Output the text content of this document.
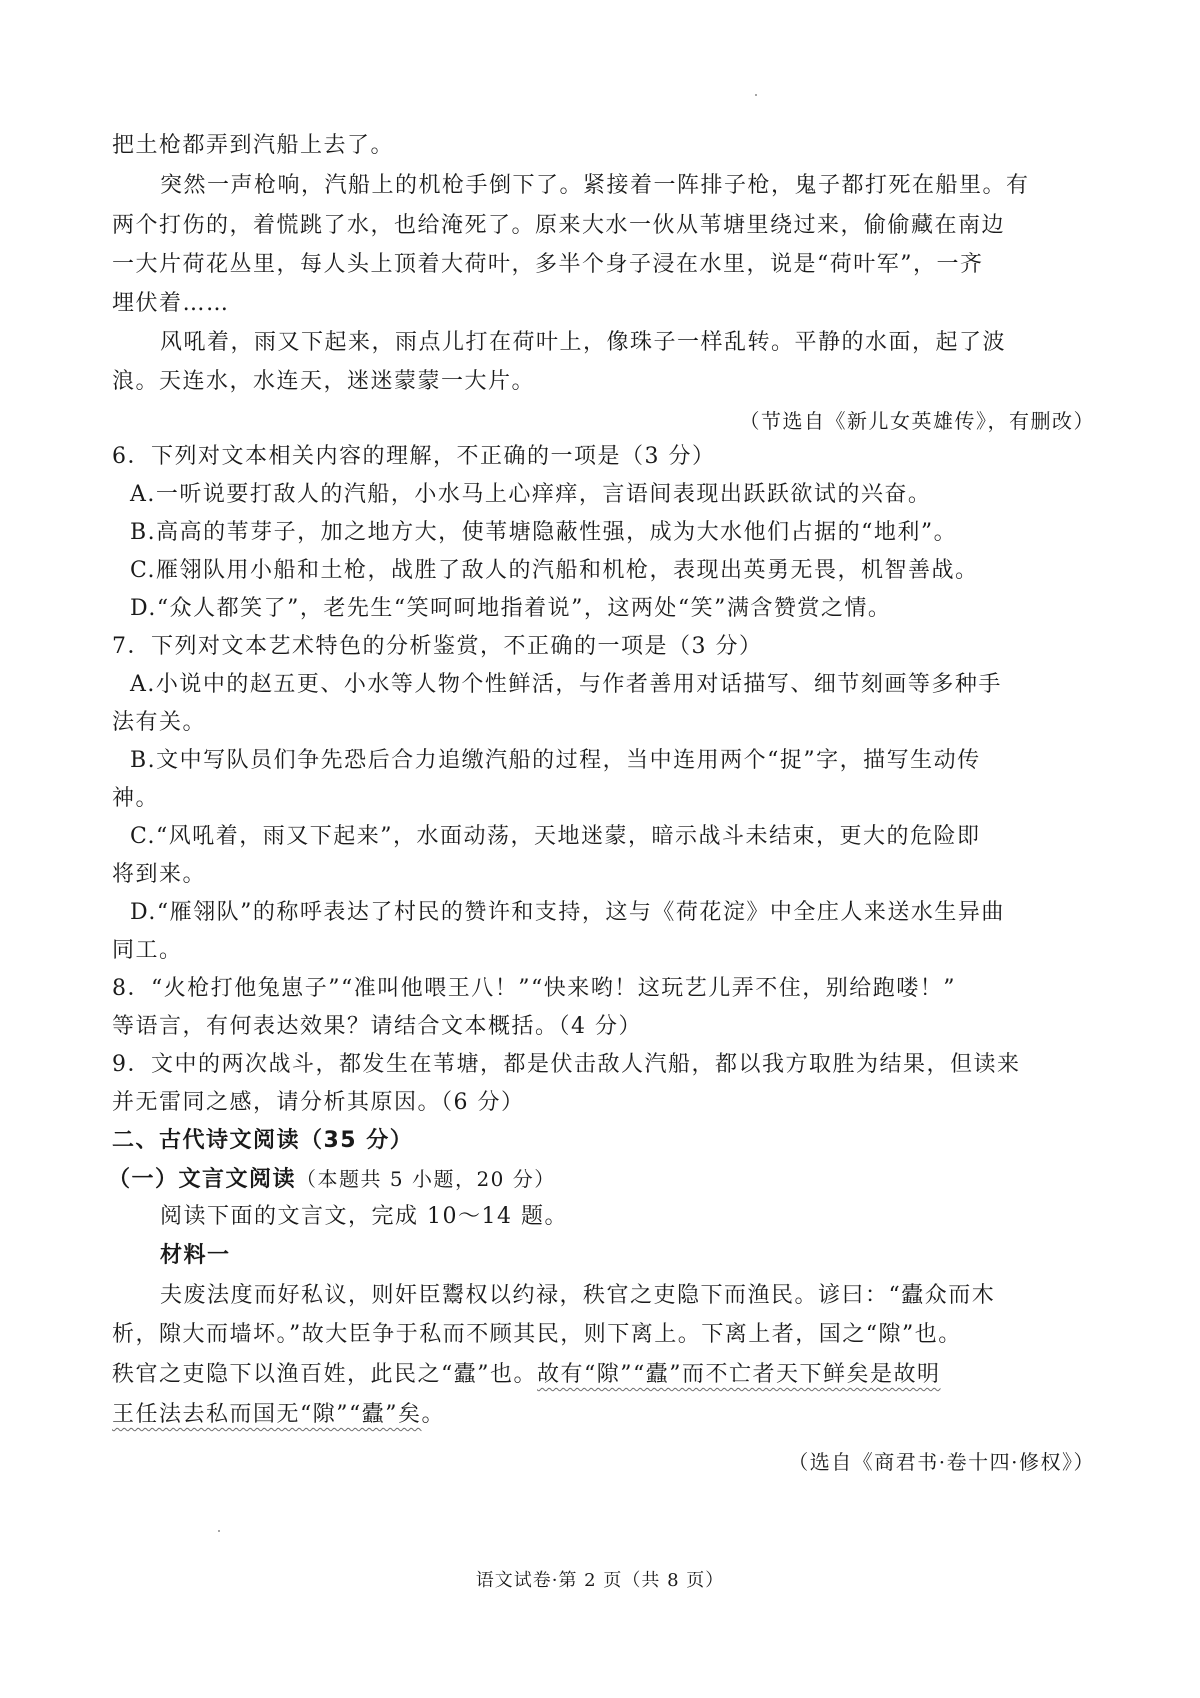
把土枪都弄到汽船上去了。
突然一声枪响，汽船上的机枪手倒下了。紧接着一阵排子枪，鬼子都打死在船里。有
两个打伤的，着慌跳了水，也给淹死了。原来大水一伙从苇塘里绕过来，偷偷藏在南边
一大片荷花丛里，每人头上顶着大荷叶，多半个身子浸在水里，说是“荷叶军”，一齐
埋伏着……
风吼着，雨又下起来，雨点儿打在荷叶上，像珠子一样乱转。平静的水面，起了波
浪。天连水，水连天，迷迷蒙蒙一大片。
（节选自《新儿女英雄传》，有删改）
6．下列对文本相关内容的理解，不正确的一项是（3 分）
A.一听说要打敌人的汽船，小水马上心痒痒，言语间表现出跃跃欲试的兴奋。
B.高高的苇芽子，加之地方大，使苇塘隐蔽性强，成为大水他们占据的“地利”。
C.雁翎队用小船和土枪，战胜了敌人的汽船和机枪，表现出英勇无畏，机智善战。
D.“众人都笑了”，老先生“笑呵呵地指着说”，这两处“笑”满含赞赏之情。
7．下列对文本艺术特色的分析鉴赏，不正确的一项是（3 分）
A.小说中的赵五更、小水等人物个性鲜活，与作者善用对话描写、细节刻画等多种手
法有关。
B.文中写队员们争先恐后合力追缴汽船的过程，当中连用两个“捉”字，描写生动传
神。
C.“风吼着，雨又下起来”，水面动荡，天地迷蒙，暗示战斗未结束，更大的危险即
将到来。
D.“雁翎队”的称呼表达了村民的赞许和支持，这与《荷花淀》中全庄人来送水生异曲
同工。
8．“火枪打他兔崽子”“准叫他喂王八！”“快来哟！这玩艺儿弄不住，别给跑喽！”
等语言，有何表达效果？请结合文本概括。（4 分）
9．文中的两次战斗，都发生在苇塘，都是伏击敌人汽船，都以我方取胜为结果，但读来
并无雷同之感，请分析其原因。（6 分）
二、古代诗文阅读（35 分）
（一）文言文阅读（本题共 5 小题，20 分）
阅读下面的文言文，完成 10～14 题。
材料一
夫废法度而好私议，则奸臣鬻权以约禄，秩官之吏隐下而渔民。谚曰：“蠹众而木
析，隙大而墙坏。”故大臣争于私而不顾其民，则下离上。下离上者，国之“隙”也。
秩官之吏隐下以渔百姓，此民之“蠹”也。故有“隙”“蠹”而不亡者天下鲜矣是故明
王任法去私而国无“隙”“蠹”矣。
（选自《商君书·卷十四·修权》）
语文试卷·第 2 页（共 8 页）
